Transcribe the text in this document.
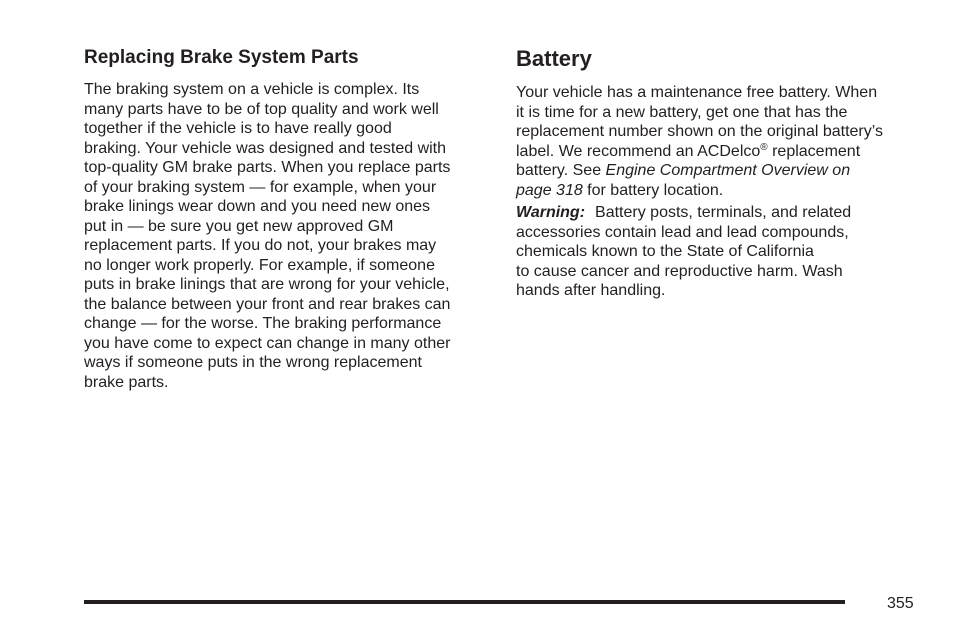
Replacing Brake System Parts

The braking system on a vehicle is complex. Its
many parts have to be of top quality and work well
together if the vehicle is to have really good
braking. Your vehicle was designed and tested with
top-quality GM brake parts. When you replace parts
of your braking system — for example, when your
brake linings wear down and you need new ones
put in — be sure you get new approved GM
replacement parts. If you do not, your brakes may
no longer work properly. For example, if someone
puts in brake linings that are wrong for your vehicle,
the balance between your front and rear brakes can
change — for the worse. The braking performance
you have come to expect can change in many other
ways if someone puts in the wrong replacement
brake parts.

Battery

Your vehicle has a maintenance free battery. When
it is time for a new battery, get one that has the
replacement number shown on the original battery’s
label. We recommend an ACDelco® replacement
battery. See Engine Compartment Overview on
page 318 for battery location.

Warning: Battery posts, terminals, and related
accessories contain lead and lead compounds,
chemicals known to the State of California
to cause cancer and reproductive harm. Wash
hands after handling.

355
